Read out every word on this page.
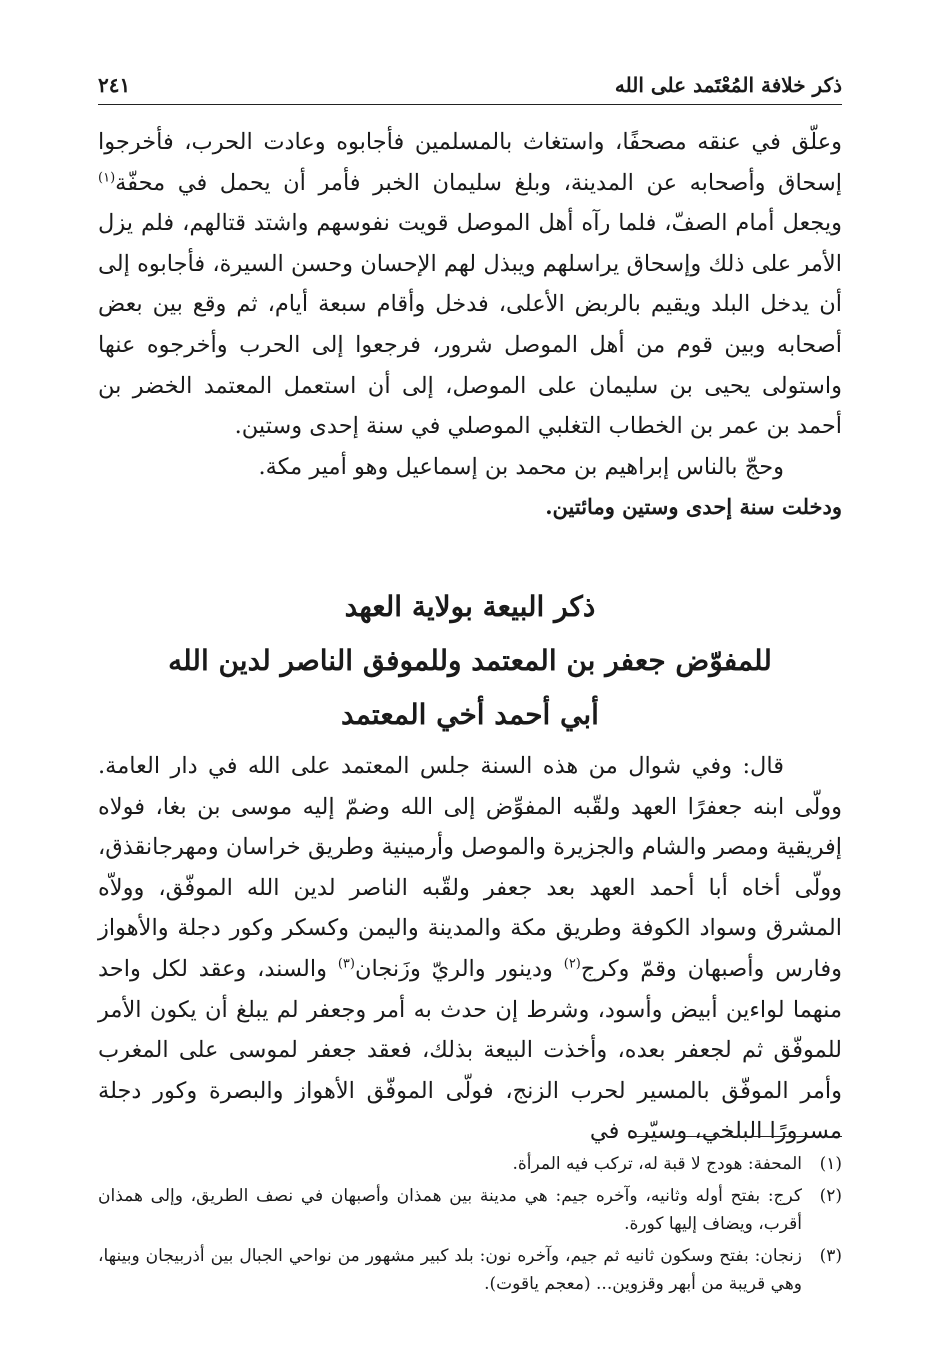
ذكر خلافة المُعْتَمد على الله
٢٤١

وعلّق في عنقه مصحفًا، واستغاث بالمسلمين فأجابوه وعادت الحرب، فأخرجوا إسحاق وأصحابه عن المدينة، وبلغ سليمان الخبر فأمر أن يحمل في محفّة$^{(١)}$ ويجعل أمام الصفّ، فلما رآه أهل الموصل قويت نفوسهم واشتد قتالهم، فلم يزل الأمر على ذلك وإسحاق يراسلهم ويبذل لهم الإحسان وحسن السيرة، فأجابوه إلى أن يدخل البلد ويقيم بالربض الأعلى، فدخل وأقام سبعة أيام، ثم وقع بين بعض أصحابه وبين قوم من أهل الموصل شرور، فرجعوا إلى الحرب وأخرجوه عنها واستولى يحيى بن سليمان على الموصل، إلى أن استعمل المعتمد الخضر بن أحمد بن عمر بن الخطاب التغلبي الموصلي في سنة إحدى وستين.

وحجّ بالناس إبراهيم بن محمد بن إسماعيل وهو أمير مكة.

ودخلت سنة إحدى وستين ومائتين.

ذكر البيعة بولاية العهد
للمفوّض جعفر بن المعتمد وللموفق الناصر لدين الله
أبي أحمد أخي المعتمد

قال: وفي شوال من هذه السنة جلس المعتمد على الله في دار العامة. وولّى ابنه جعفرًا العهد ولقّبه المفوِّض إلى الله وضمّ إليه موسى بن بغا، فولاه إفريقية ومصر والشام والجزيرة والموصل وأرمينية وطريق خراسان ومهرجانقذق، وولّى أخاه أبا أحمد العهد بعد جعفر ولقّبه الناصر لدين الله الموفّق، وولاّه المشرق وسواد الكوفة وطريق مكة والمدينة واليمن وكسكر وكور دجلة والأهواز وفارس وأصبهان وقمّ وكرج$^{(٢)}$ ودينور والريّ وزَنجان$^{(٣)}$ والسند، وعقد لكل واحد منهما لواءين أبيض وأسود، وشرط إن حدث به أمر وجعفر لم يبلغ أن يكون الأمر للموفّق ثم لجعفر بعده، وأخذت البيعة بذلك، فعقد جعفر لموسى على المغرب وأمر الموفّق بالمسير لحرب الزنج، فولّى الموفّق الأهواز والبصرة وكور دجلة مسرورًا البلخي، وسيّره في

(١)
المحفة: هودج لا قبة له، تركب فيه المرأة.
(٢)
كرج: بفتح أوله وثانيه، وآخره جيم: هي مدينة بين همذان وأصبهان في نصف الطريق، وإلى همذان أقرب، ويضاف إليها كورة.
(٣)
زنجان: بفتح وسكون ثانيه ثم جيم، وآخره نون: بلد كبير مشهور من نواحي الجبال بين أذربيجان وبينها، وهي قريبة من أبهر وقزوين... (معجم ياقوت).
